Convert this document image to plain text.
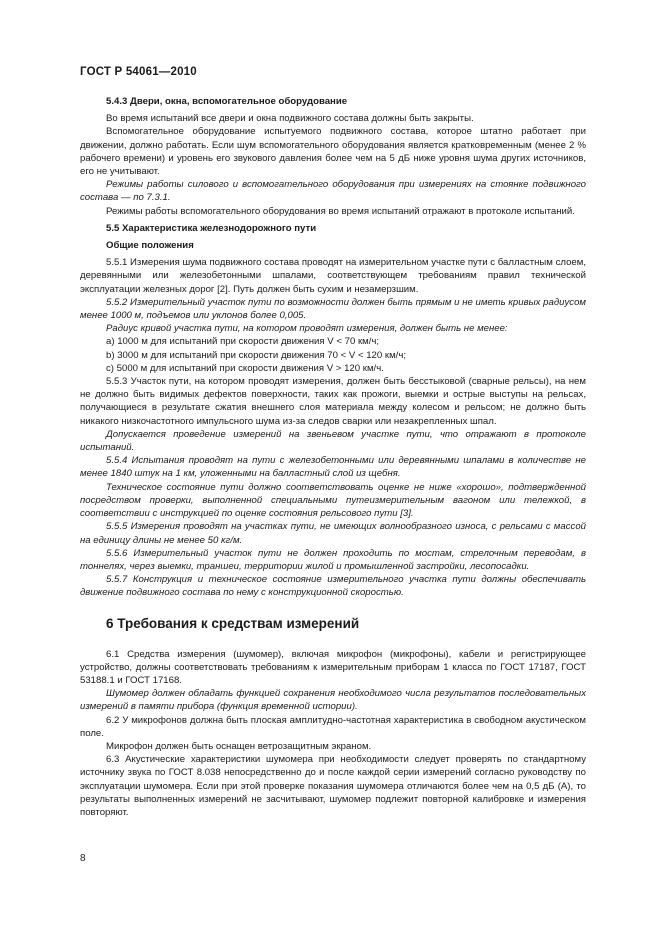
ГОСТ Р 54061—2010

5.4.3 Двери, окна, вспомогательное оборудование

Во время испытаний все двери и окна подвижного состава должны быть закрыты.

Вспомогательное оборудование испытуемого подвижного состава, которое штатно работает при движении, должно работать. Если шум вспомогательного оборудования является кратковременным (менее 2 % рабочего времени) и уровень его звукового давления более чем на 5 дБ ниже уровня шума других источников, его не учитывают.

Режимы работы силового и вспомогательного оборудования при измерениях на стоянке подвижного состава — по 7.3.1.

Режимы работы вспомогательного оборудования во время испытаний отражают в протоколе испытаний.

5.5 Характеристика железнодорожного пути

Общие положения

5.5.1 Измерения шума подвижного состава проводят на измерительном участке пути с балластным слоем, деревянными или железобетонными шпалами, соответствующем требованиям правил технической эксплуатации железных дорог [2]. Путь должен быть сухим и незамерзшим.

5.5.2 Измерительный участок пути по возможности должен быть прямым и не иметь кривых радиусом менее 1000 м, подъемов или уклонов более 0,005.

Радиус кривой участка пути, на котором проводят измерения, должен быть не менее:

а) 1000 м для испытаний при скорости движения V < 70 км/ч;

b) 3000 м для испытаний при скорости движения 70 < V < 120 км/ч;

с) 5000 м для испытаний при скорости движения V > 120 км/ч.

5.5.3 Участок пути, на котором проводят измерения, должен быть бесстыковой (сварные рельсы), на нем не должно быть видимых дефектов поверхности, таких как прожоги, выемки и острые выступы на рельсах, получающиеся в результате сжатия внешнего слоя материала между колесом и рельсом; не должно быть никакого низкочастотного импульсного шума из-за следов сварки или незакрепленных шпал.

Допускается проведение измерений на звеньевом участке пути, что отражают в протоколе испытаний.

5.5.4 Испытания проводят на пути с железобетонными или деревянными шпалами в количестве не менее 1840 штук на 1 км, уложенными на балластный слой из щебня.

Техническое состояние пути должно соответствовать оценке не ниже «хорошо», подтвержденной посредством проверки, выполненной специальными путеизмерительным вагоном или тележкой, в соответствии с инструкцией по оценке состояния рельсового пути [3].

5.5.5 Измерения проводят на участках пути, не имеющих волнообразного износа, с рельсами с массой на единицу длины не менее 50 кг/м.

5.5.6 Измерительный участок пути не должен проходить по мостам, стрелочным переводам, в тоннелях, через выемки, траншеи, территории жилой и промышленной застройки, лесопосадки.

5.5.7 Конструкция и техническое состояние измерительного участка пути должны обеспечивать движение подвижного состава по нему с конструкционной скоростью.

6 Требования к средствам измерений

6.1 Средства измерения (шумомер), включая микрофон (микрофоны), кабели и регистрирующее устройство, должны соответствовать требованиям к измерительным приборам 1 класса по ГОСТ 17187, ГОСТ 53188.1 и ГОСТ 17168.

Шумомер должен обладать функцией сохранения необходимого числа результатов последовательных измерений в памяти прибора (функция временной истории).

6.2 У микрофонов должна быть плоская амплитудно-частотная характеристика в свободном акустическом поле.

Микрофон должен быть оснащен ветрозащитным экраном.

6.3 Акустические характеристики шумомера при необходимости следует проверять по стандартному источнику звука по ГОСТ 8.038 непосредственно до и после каждой серии измерений согласно руководству по эксплуатации шумомера. Если при этой проверке показания шумомера отличаются более чем на 0,5 дБ (А), то результаты выполненных измерений не засчитывают, шумомер подлежит повторной калибровке и измерения повторяют.

8
